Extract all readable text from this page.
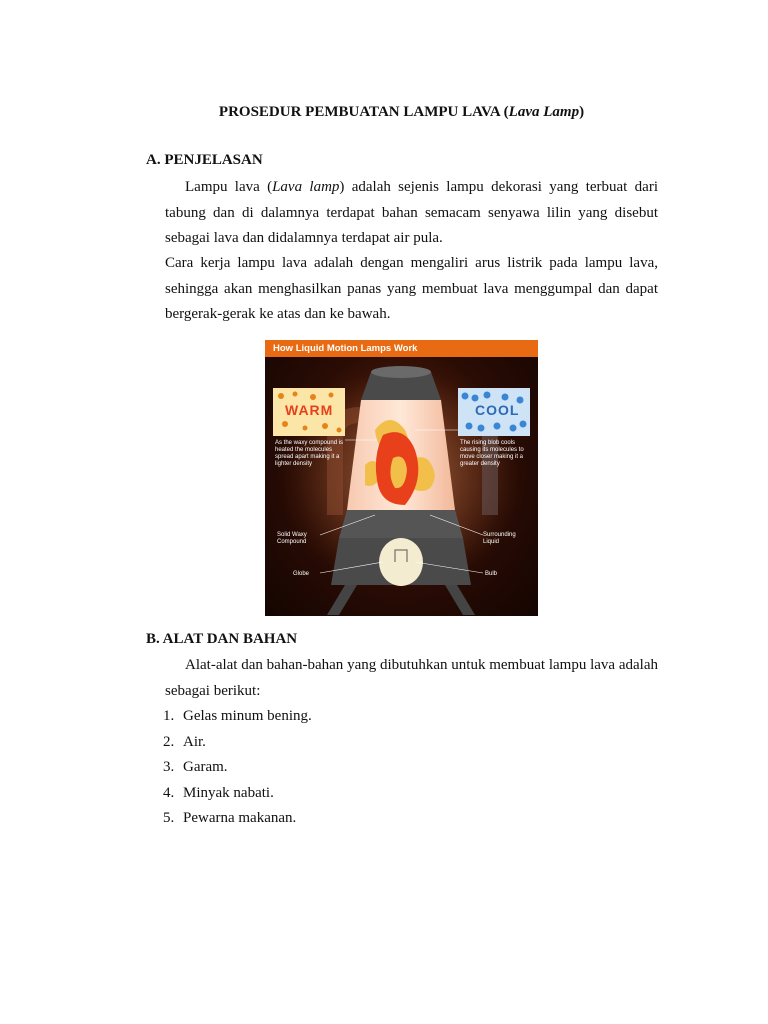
PROSEDUR PEMBUATAN LAMPU LAVA (Lava Lamp)
A. PENJELASAN

Lampu lava (Lava lamp) adalah sejenis lampu dekorasi yang terbuat dari tabung dan di dalamnya terdapat bahan semacam senyawa lilin yang disebut sebagai lava dan didalamnya terdapat air pula.

Cara kerja lampu lava adalah dengan mengaliri arus listrik pada lampu lava, sehingga akan menghasilkan panas yang membuat lava menggumpal dan dapat bergerak-gerak ke atas dan ke bawah.

How Liquid Motion Lamps Work
WARM	COOL
As the waxy compound is heated the molecules spread apart making it a lighter density
The rising blob cools causing its molecules to move closer making it a greater density
Solid Waxy Compound
Surrounding Liquid
Globe	Bulb
B. ALAT DAN BAHAN

Alat-alat dan bahan-bahan yang dibutuhkan untuk membuat lampu lava adalah sebagai berikut:

1. Gelas minum bening.
2. Air.
3. Garam.
4. Minyak nabati.
5. Pewarna makanan.
